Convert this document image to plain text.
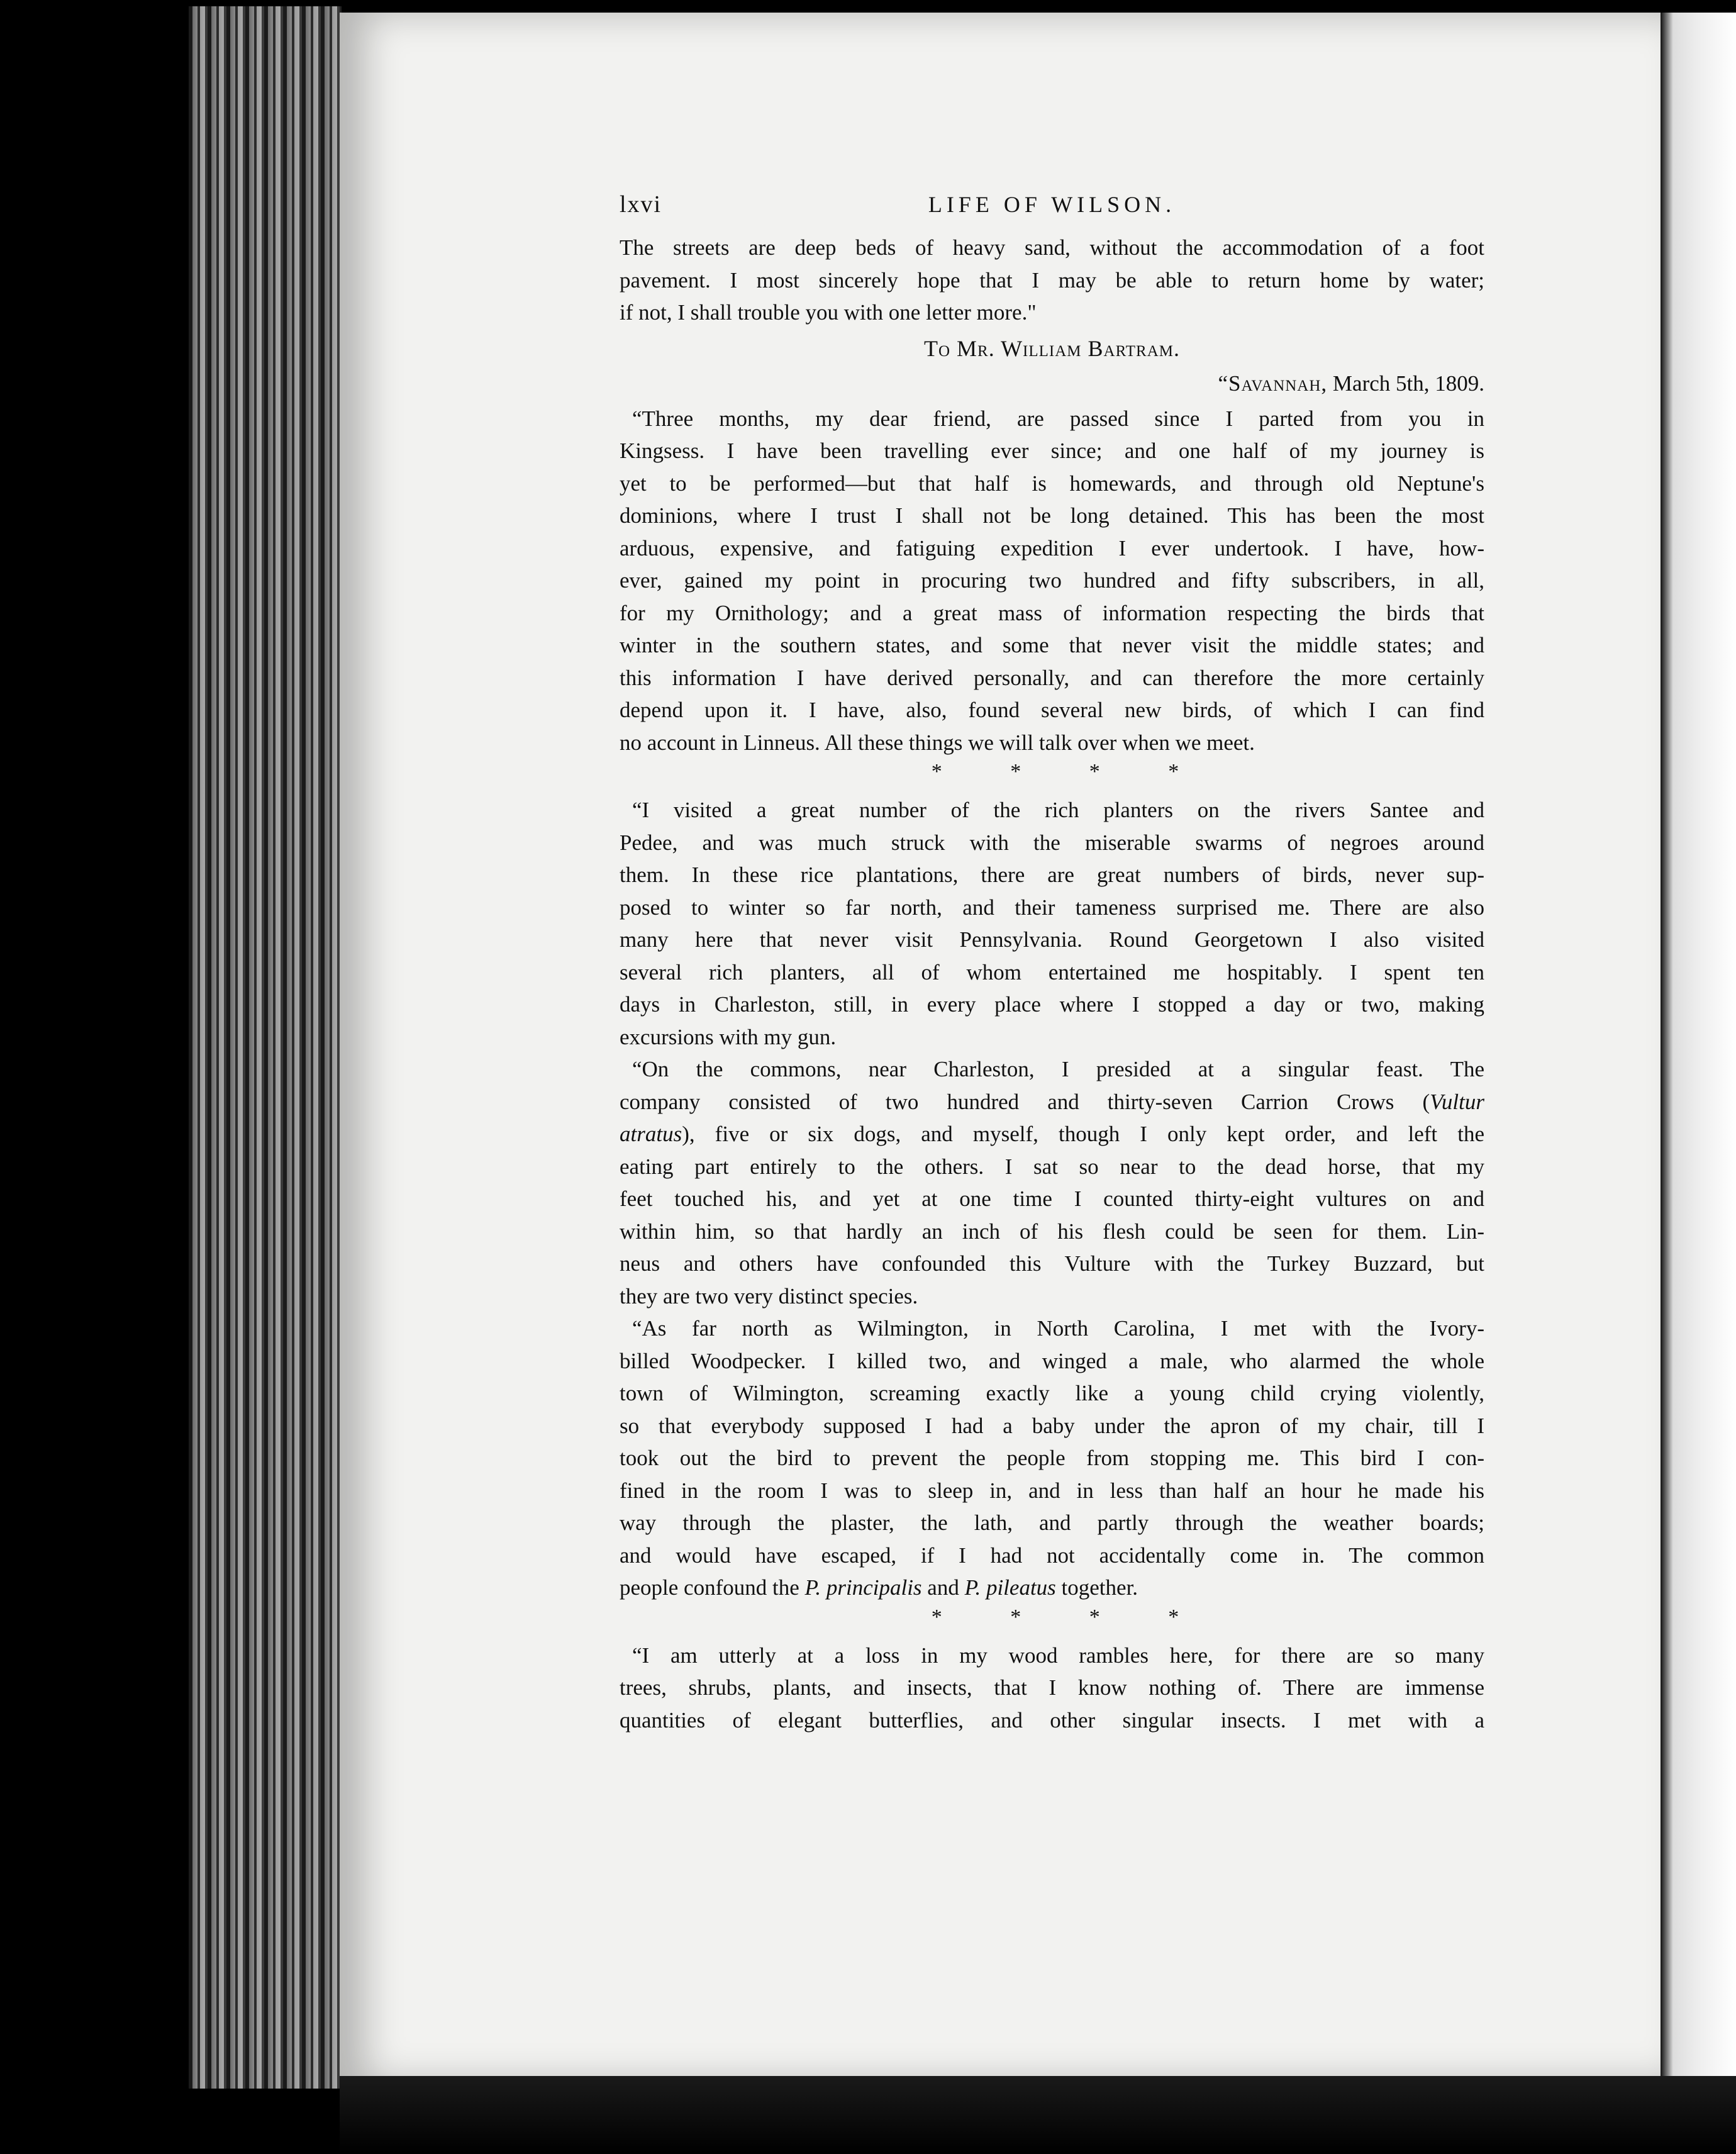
lxvi	LIFE OF WILSON.
The streets are deep beds of heavy sand, without the accommodation of a foot
pavement. I most sincerely hope that I may be able to return home by water;
if not, I shall trouble you with one letter more."
To Mr. William Bartram.
“Savannah, March 5th, 1809.
“Three months, my dear friend, are passed since I parted from you in
Kingsess. I have been travelling ever since; and one half of my journey is
yet to be performed—but that half is homewards, and through old Neptune's
dominions, where I trust I shall not be long detained. This has been the most
arduous, expensive, and fatiguing expedition I ever undertook. I have, how-
ever, gained my point in procuring two hundred and fifty subscribers, in all,
for my Ornithology; and a great mass of information respecting the birds that
winter in the southern states, and some that never visit the middle states; and
this information I have derived personally, and can therefore the more certainly
depend upon it. I have, also, found several new birds, of which I can find
no account in Linneus. All these things we will talk over when we meet.
* * * *
“I visited a great number of the rich planters on the rivers Santee and
Pedee, and was much struck with the miserable swarms of negroes around
them. In these rice plantations, there are great numbers of birds, never sup-
posed to winter so far north, and their tameness surprised me. There are also
many here that never visit Pennsylvania. Round Georgetown I also visited
several rich planters, all of whom entertained me hospitably. I spent ten
days in Charleston, still, in every place where I stopped a day or two, making
excursions with my gun.
“On the commons, near Charleston, I presided at a singular feast. The
company consisted of two hundred and thirty-seven Carrion Crows (Vultur
atratus), five or six dogs, and myself, though I only kept order, and left the
eating part entirely to the others. I sat so near to the dead horse, that my
feet touched his, and yet at one time I counted thirty-eight vultures on and
within him, so that hardly an inch of his flesh could be seen for them. Lin-
neus and others have confounded this Vulture with the Turkey Buzzard, but
they are two very distinct species.
“As far north as Wilmington, in North Carolina, I met with the Ivory-
billed Woodpecker. I killed two, and winged a male, who alarmed the whole
town of Wilmington, screaming exactly like a young child crying violently,
so that everybody supposed I had a baby under the apron of my chair, till I
took out the bird to prevent the people from stopping me. This bird I con-
fined in the room I was to sleep in, and in less than half an hour he made his
way through the plaster, the lath, and partly through the weather boards;
and would have escaped, if I had not accidentally come in. The common
people confound the P. principalis and P. pileatus together.
* * * *
“I am utterly at a loss in my wood rambles here, for there are so many
trees, shrubs, plants, and insects, that I know nothing of. There are immense
quantities of elegant butterflies, and other singular insects. I met with a
